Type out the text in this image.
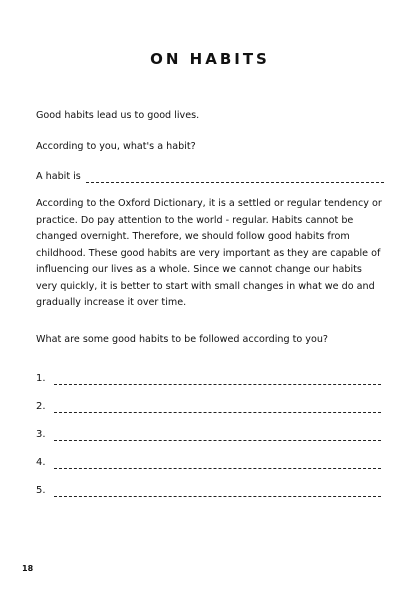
ON HABITS
Good habits lead us to good lives.
According to you, what's a habit?
A habit is
According to the Oxford Dictionary, it is a settled or regular tendency or practice. Do pay attention to the world - regular. Habits cannot be changed overnight. Therefore, we should follow good habits from childhood. These good habits are very important as they are capable of influencing our lives as a whole. Since we cannot change our habits very quickly, it is better to start with small changes in what we do and gradually increase it over time.
What are some good habits to be followed according to you?
1.
2.
3.
4.
5.
18
